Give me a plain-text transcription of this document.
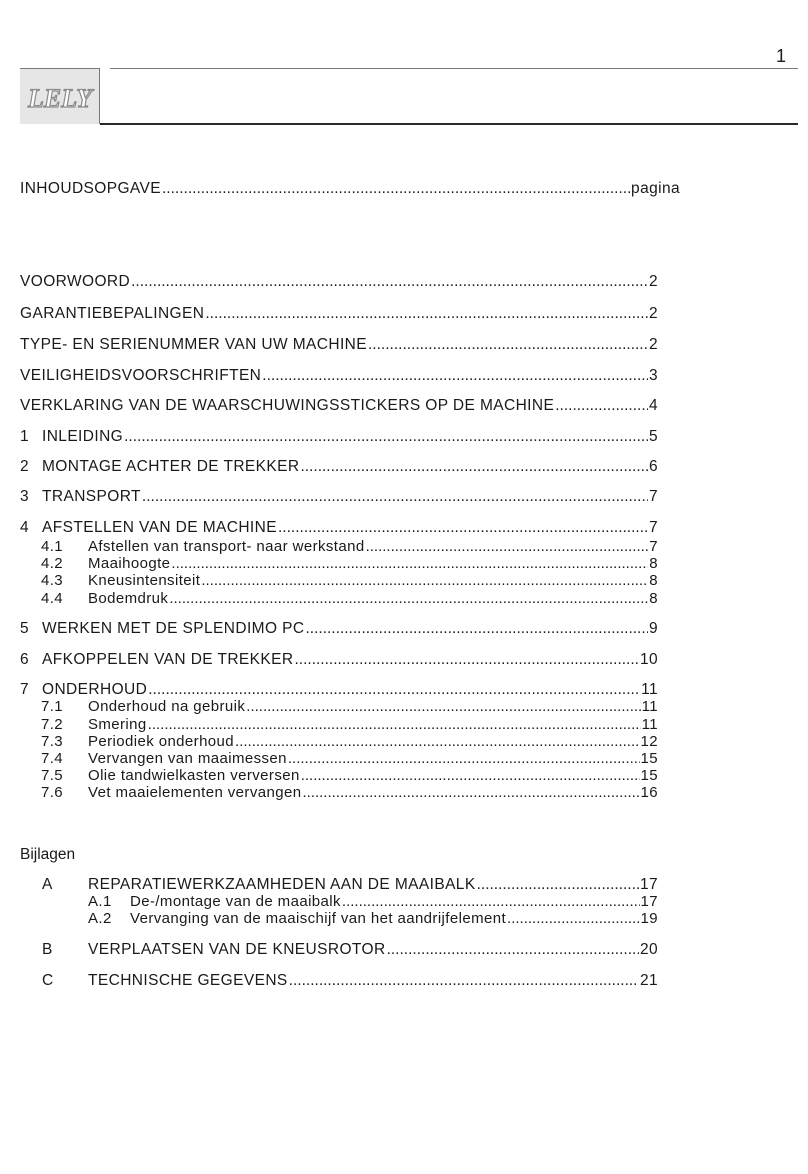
1
LELY
INHOUDSOPGAVE .....	pagina
VOORWOORD .....	2
GARANTIEBEPALINGEN .....	2
TYPE- EN SERIENUMMER VAN UW MACHINE .....	2
VEILIGHEIDSVOORSCHRIFTEN .....	3
VERKLARING VAN DE WAARSCHUWINGSSTICKERS OP DE MACHINE .....	4
1 INLEIDING .....	5
2 MONTAGE ACHTER DE TREKKER .....	6
3 TRANSPORT .....	7
4 AFSTELLEN VAN DE MACHINE .....	7
4.1	Afstellen van transport- naar werkstand .....	7
4.2	Maaihoogte .....	8
4.3	Kneusintensiteit .....	8
4.4	Bodemdruk .....	8
5 WERKEN MET DE SPLENDIMO PC .....	9
6 AFKOPPELEN VAN DE TREKKER .....	10
7 ONDERHOUD .....	11
7.1	Onderhoud na gebruik .....	11
7.2	Smering .....	11
7.3	Periodiek onderhoud .....	12
7.4	Vervangen van maaimessen .....	15
7.5	Olie tandwielkasten verversen .....	15
7.6	Vet maaielementen vervangen .....	16
A	REPARATIEWERKZAAMHEDEN AAN DE MAAIBALK .....	17
A.1	De-/montage van de maaibalk .....	17
A.2	Vervanging van de maaischijf van het aandrijfelement .....	19
B	VERPLAATSEN VAN DE KNEUSROTOR .....	20
C	TECHNISCHE GEGEVENS .....	21
Bijlagen
